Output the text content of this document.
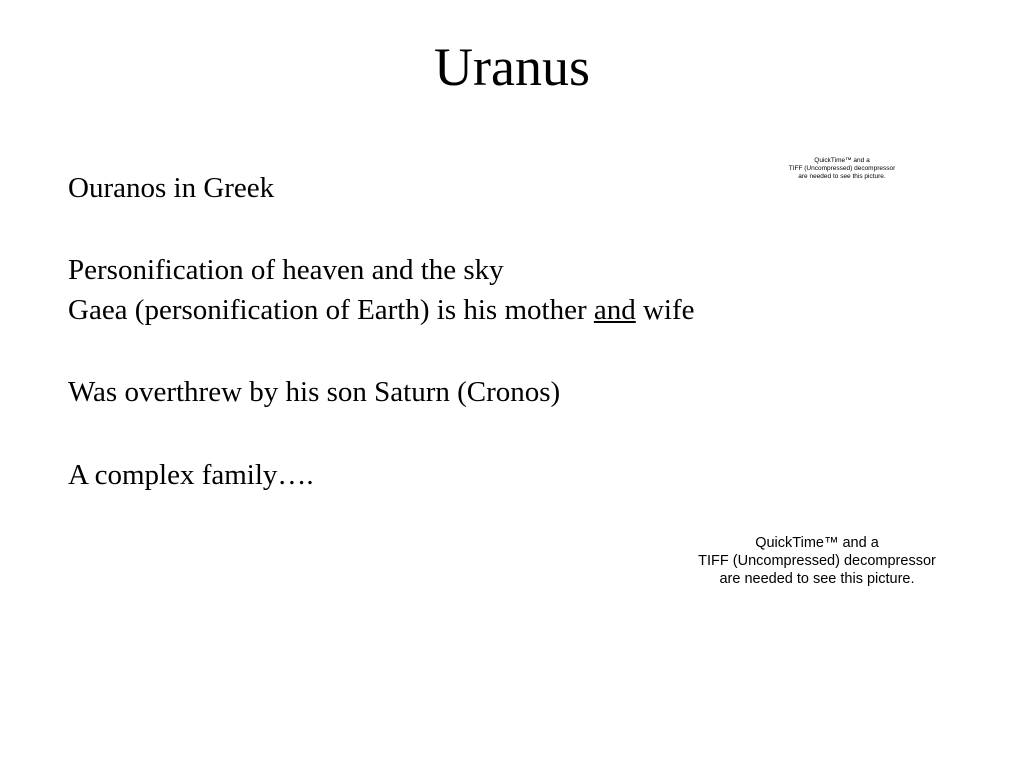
Uranus
Ouranos in Greek
Personification of heaven and the sky
Gaea (personification of Earth) is his mother and wife
Was overthrew by his son Saturn (Cronos)
A complex family….
QuickTime™ and a
TIFF (Uncompressed) decompressor
are needed to see this picture.
QuickTime™ and a
TIFF (Uncompressed) decompressor
are needed to see this picture.
